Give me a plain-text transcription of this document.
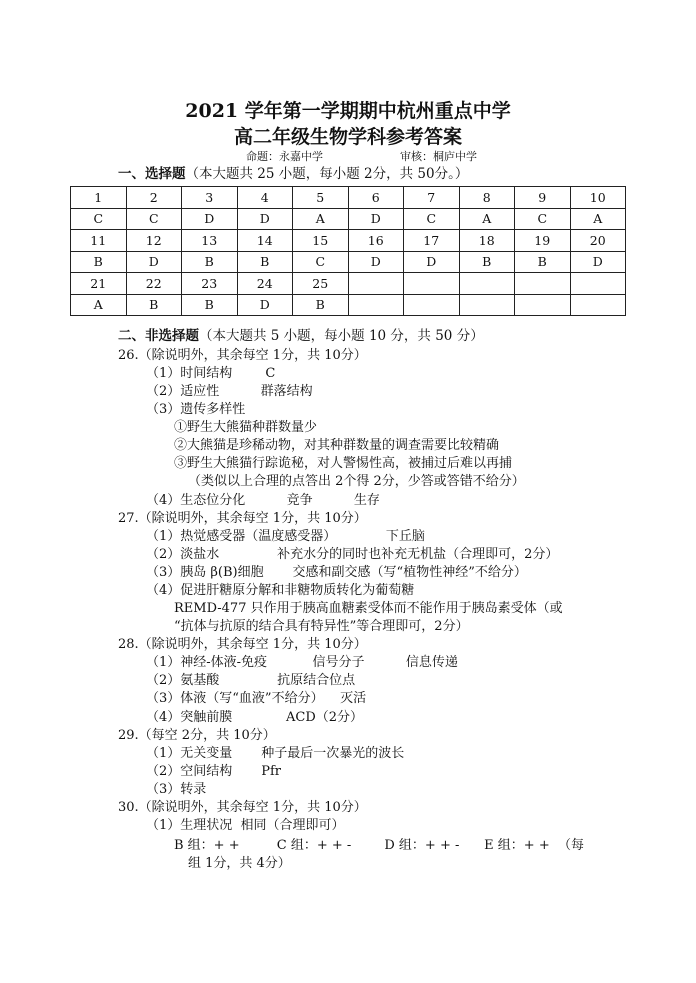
2021 学年第一学期期中杭州重点中学
高二年级生物学科参考答案
命题：永嘉中学	审核：桐庐中学
一、选择题（本大题共 25 小题，每小题 2分，共 50分。）
1	2	3	4	5	6	7	8	9	10
C	C	D	D	A	D	C	A	C	A
11	12	13	14	15	16	17	18	19	20
B	D	B	B	C	D	D	B	B	D
21	22	23	24	25					
A	B	B	D	B					
二、非选择题（本大题共 5 小题，每小题 10 分，共 50 分）
26.（除说明外，其余每空 1分，共 10分）
（1）时间结构        C
（2）适应性          群落结构
（3）遗传多样性
①野生大熊猫种群数量少
②大熊猫是珍稀动物，对其种群数量的调查需要比较精确
③野生大熊猫行踪诡秘，对人警惕性高，被捕过后难以再捕
（类似以上合理的点答出 2个得 2分，少答或答错不给分）
（4）生态位分化          竞争          生存
27.（除说明外，其余每空 1分，共 10分）
（1）热觉感受器（温度感受器）            下丘脑
（2）淡盐水              补充水分的同时也补充无机盐（合理即可，2分）
（3）胰岛 β(B)细胞       交感和副交感（写“植物性神经”不给分）
（4）促进肝糖原分解和非糖物质转化为葡萄糖
REMD-477 只作用于胰高血糖素受体而不能作用于胰岛素受体（或
“抗体与抗原的结合具有特异性”等合理即可，2分）
28.（除说明外，其余每空 1分，共 10分）
（1）神经-体液-免疫           信号分子          信息传递
（2）氨基酸              抗原结合位点
（3）体液（写“血液”不给分）    灭活
（4）突触前膜             ACD（2分）
29.（每空 2分，共 10分）
（1）无关变量       种子最后一次暴光的波长
（2）空间结构       Pfr
（3）转录
30.（除说明外，其余每空 1分，共 10分）
（1）生理状况  相同（合理即可）
B 组：+ +         C 组：+ + -        D 组：+ + -      E 组：+ +  （每
组 1分，共 4分）
